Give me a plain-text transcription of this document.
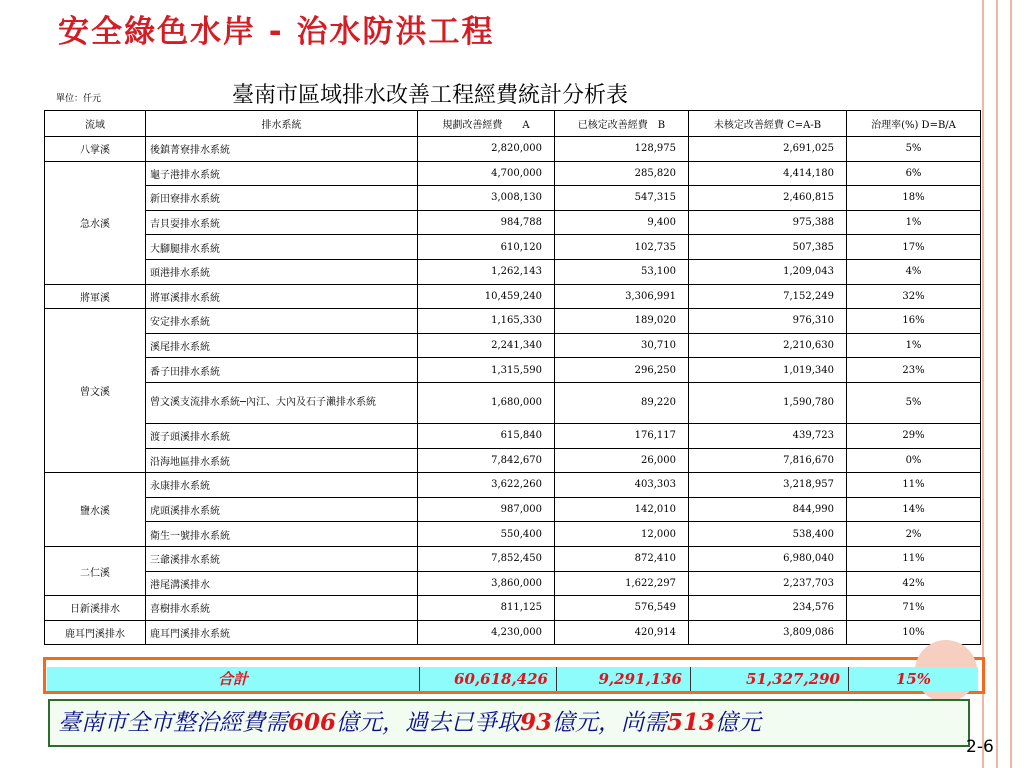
安全綠色水岸 - 治水防洪工程
單位：仟元	臺南市區域排水改善工程經費統計分析表
流域	排水系統	規劃改善經費　　A	已核定改善經費　B	未核定改善經費 C=A-B	治理率(%) D=B/A
八掌溪	後鎮菁寮排水系統	2,820,000	128,975	2,691,025	5%
急水溪	龜子港排水系統	4,700,000	285,820	4,414,180	6%
	新田寮排水系統	3,008,130	547,315	2,460,815	18%
	吉貝耍排水系統	984,788	9,400	975,388	1%
	大腳腿排水系統	610,120	102,735	507,385	17%
	頭港排水系統	1,262,143	53,100	1,209,043	4%
將軍溪	將軍溪排水系統	10,459,240	3,306,991	7,152,249	32%
曾文溪	安定排水系統	1,165,330	189,020	976,310	16%
	溪尾排水系統	2,241,340	30,710	2,210,630	1%
	番子田排水系統	1,315,590	296,250	1,019,340	23%
	曾文溪支流排水系統─內江、大內及石子瀨排水系統	1,680,000	89,220	1,590,780	5%
	渡子頭溪排水系統	615,840	176,117	439,723	29%
	沿海地區排水系統	7,842,670	26,000	7,816,670	0%
鹽水溪	永康排水系統	3,622,260	403,303	3,218,957	11%
	虎頭溪排水系統	987,000	142,010	844,990	14%
	衛生一號排水系統	550,400	12,000	538,400	2%
二仁溪	三爺溪排水系統	7,852,450	872,410	6,980,040	11%
	港尾溝溪排水	3,860,000	1,622,297	2,237,703	42%
日新溪排水	喜樹排水系統	811,125	576,549	234,576	71%
鹿耳門溪排水	鹿耳門溪排水系統	4,230,000	420,914	3,809,086	10%
合計	60,618,426	9,291,136	51,327,290	15%
臺南市全市整治經費需606億元，過去已爭取93億元，尚需513億元
2-6
